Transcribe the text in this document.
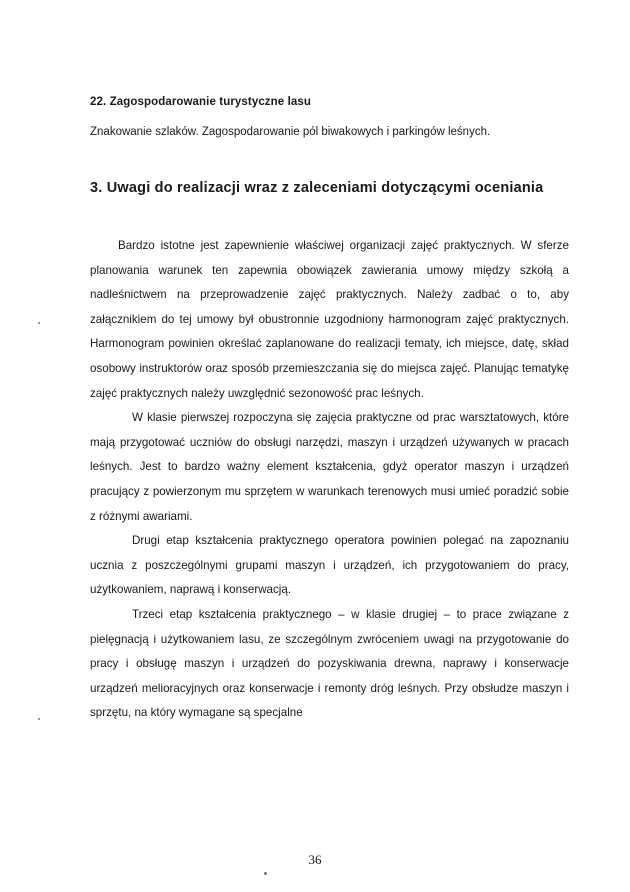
22. Zagospodarowanie turystyczne lasu
Znakowanie szlaków. Zagospodarowanie pól biwakowych i parkingów leśnych.
3. Uwagi do realizacji wraz z zaleceniami dotyczącymi oceniania

Bardzo istotne jest zapewnienie właściwej organizacji zajęć praktycznych. W sferze planowania warunek ten zapewnia obowiązek zawierania umowy między szkołą a nadleśnictwem na przeprowadzenie zajęć praktycznych. Należy zadbać o to, aby załącznikiem do tej umowy był obustronnie uzgodniony harmonogram zajęć praktycznych. Harmonogram powinien określać zaplanowane do realizacji tematy, ich miejsce, datę, skład osobowy instruktorów oraz sposób przemieszczania się do miejsca zajęć. Planując tematykę zajęć praktycznych należy uwzględnić sezonowość prac leśnych.

W klasie pierwszej rozpoczyna się zajęcia praktyczne od prac warsztatowych, które mają przygotować uczniów do obsługi narzędzi, maszyn i urządzeń używanych w pracach leśnych. Jest to bardzo ważny element kształcenia, gdyż operator maszyn i urządzeń pracujący z powierzonym mu sprzętem w warunkach terenowych musi umieć poradzić sobie z różnymi awariami.

Drugi etap kształcenia praktycznego operatora powinien polegać na zapoznaniu ucznia z poszczególnymi grupami maszyn i urządzeń, ich przygotowaniem do pracy, użytkowaniem, naprawą i konserwacją.

Trzeci etap kształcenia praktycznego – w klasie drugiej – to prace związane z pielęgnacją i użytkowaniem lasu, ze szczególnym zwróceniem uwagi na przygotowanie do pracy i obsługę maszyn i urządzeń do pozyskiwania drewna, naprawy i konserwacje urządzeń melioracyjnych oraz konserwacje i remonty dróg leśnych. Przy obsłudze maszyn i sprzętu, na który wymagane są specjalne

36
